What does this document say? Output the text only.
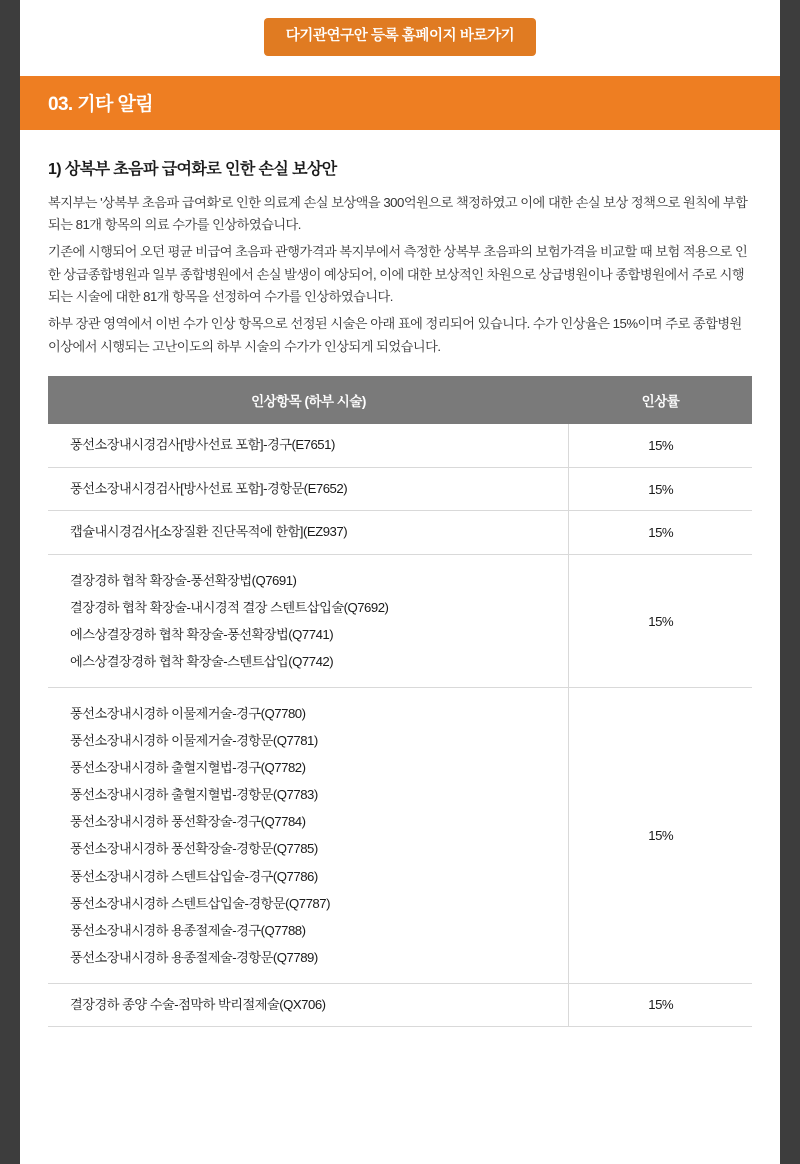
다기관연구안 등록 홈페이지 바로가기
03. 기타 알림
1) 상복부 초음파 급여화로 인한 손실 보상안

복지부는 '상복부 초음파 급여화'로 인한 의료계 손실 보상액을 300억원으로 책정하였고 이에 대한 손실 보상 정책으로 원칙에 부합되는 81개 항목의 의료 수가를 인상하였습니다.

기존에 시행되어 오던 평균 비급여 초음파 관행가격과 복지부에서 측정한 상복부 초음파의 보험가격을 비교할 때 보험 적용으로 인한 상급종합병원과 일부 종합병원에서 손실 발생이 예상되어, 이에 대한 보상적인 차원으로 상급병원이나 종합병원에서 주로 시행되는 시술에 대한 81개 항목을 선정하여 수가를 인상하였습니다.

하부 장관 영역에서 이번 수가 인상 항목으로 선정된 시술은 아래 표에 정리되어 있습니다. 수가 인상율은 15%이며 주로 종합병원 이상에서 시행되는 고난이도의 하부 시술의 수가가 인상되게 되었습니다.

인상항목 (하부 시술)	인상률

풍선소장내시경검사[방사선료 포함]-경구(E7651)	15%

풍선소장내시경검사[방사선료 포함]-경항문(E7652)	15%

캡슐내시경검사[소장질환 진단목적에 한함](EZ937)	15%

결장경하 협착 확장술-풍선확장법(Q7691)
결장경하 협착 확장술-내시경적 결장 스텐트삽입술(Q7692)
에스상결장경하 협착 확장술-풍선확장법(Q7741)
에스상결장경하 협착 확장술-스텐트삽입(Q7742)	15%

풍선소장내시경하 이물제거술-경구(Q7780)
풍선소장내시경하 이물제거술-경항문(Q7781)
풍선소장내시경하 출혈지혈법-경구(Q7782)
풍선소장내시경하 출혈지혈법-경항문(Q7783)
풍선소장내시경하 풍선확장술-경구(Q7784)
풍선소장내시경하 풍선확장술-경항문(Q7785)
풍선소장내시경하 스텐트삽입술-경구(Q7786)
풍선소장내시경하 스텐트삽입술-경항문(Q7787)
풍선소장내시경하 용종절제술-경구(Q7788)
풍선소장내시경하 용종절제술-경항문(Q7789)
	15%

결장경하 종양 수술-점막하 박리절제술(QX706)	15%
